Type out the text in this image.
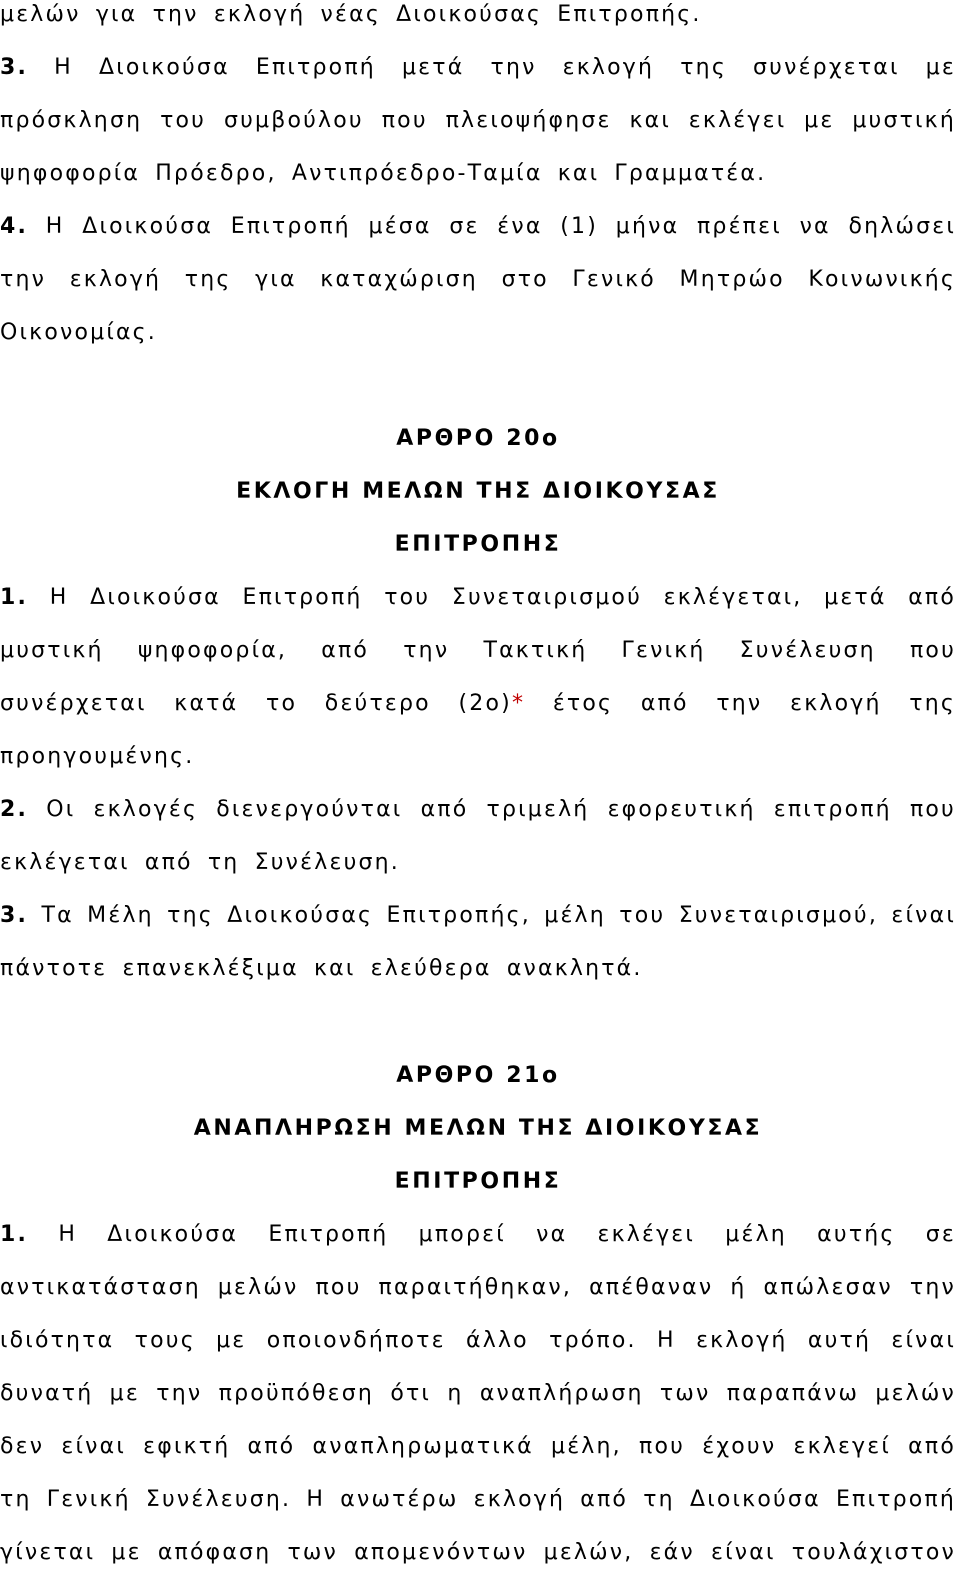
μελών για την εκλογή νέας Διοικούσας Επιτροπής.
3. Η Διοικούσα Επιτροπή μετά την εκλογή της συνέρχεται με
πρόσκληση του συμβούλου που πλειοψήφησε και εκλέγει με μυστική
ψηφοφορία Πρόεδρο, Αντιπρόεδρο-Ταμία και Γραμματέα.
4. Η Διοικούσα Επιτροπή μέσα σε ένα (1) μήνα πρέπει να δηλώσει
την εκλογή της για καταχώριση στο Γενικό Μητρώο Κοινωνικής
Οικονομίας.
ΑΡΘΡΟ 20ο
ΕΚΛΟΓΗ ΜΕΛΩΝ ΤΗΣ ΔΙΟΙΚΟΥΣΑΣ
ΕΠΙΤΡΟΠΗΣ
1. Η Διοικούσα Επιτροπή του Συνεταιρισμού εκλέγεται, μετά από
μυστική ψηφοφορία, από την Τακτική Γενική Συνέλευση που
συνέρχεται κατά το δεύτερο (2ο)* έτος από την εκλογή της
προηγουμένης.
2. Οι εκλογές διενεργούνται από τριμελή εφορευτική επιτροπή που
εκλέγεται από τη Συνέλευση.
3. Τα Μέλη της Διοικούσας Επιτροπής, μέλη του Συνεταιρισμού, είναι
πάντοτε επανεκλέξιμα και ελεύθερα ανακλητά.
ΑΡΘΡΟ 21ο
ΑΝΑΠΛΗΡΩΣΗ ΜΕΛΩΝ ΤΗΣ ΔΙΟΙΚΟΥΣΑΣ
ΕΠΙΤΡΟΠΗΣ
1. Η Διοικούσα Επιτροπή μπορεί να εκλέγει μέλη αυτής σε
αντικατάσταση μελών που παραιτήθηκαν, απέθαναν ή απώλεσαν την
ιδιότητα τους με οποιονδήποτε άλλο τρόπο. Η εκλογή αυτή είναι
δυνατή με την προϋπόθεση ότι η αναπλήρωση των παραπάνω μελών
δεν είναι εφικτή από αναπληρωματικά μέλη, που έχουν εκλεγεί από
τη Γενική Συνέλευση. Η ανωτέρω εκλογή από τη Διοικούσα Επιτροπή
γίνεται με απόφαση των απομενόντων μελών, εάν είναι τουλάχιστον
